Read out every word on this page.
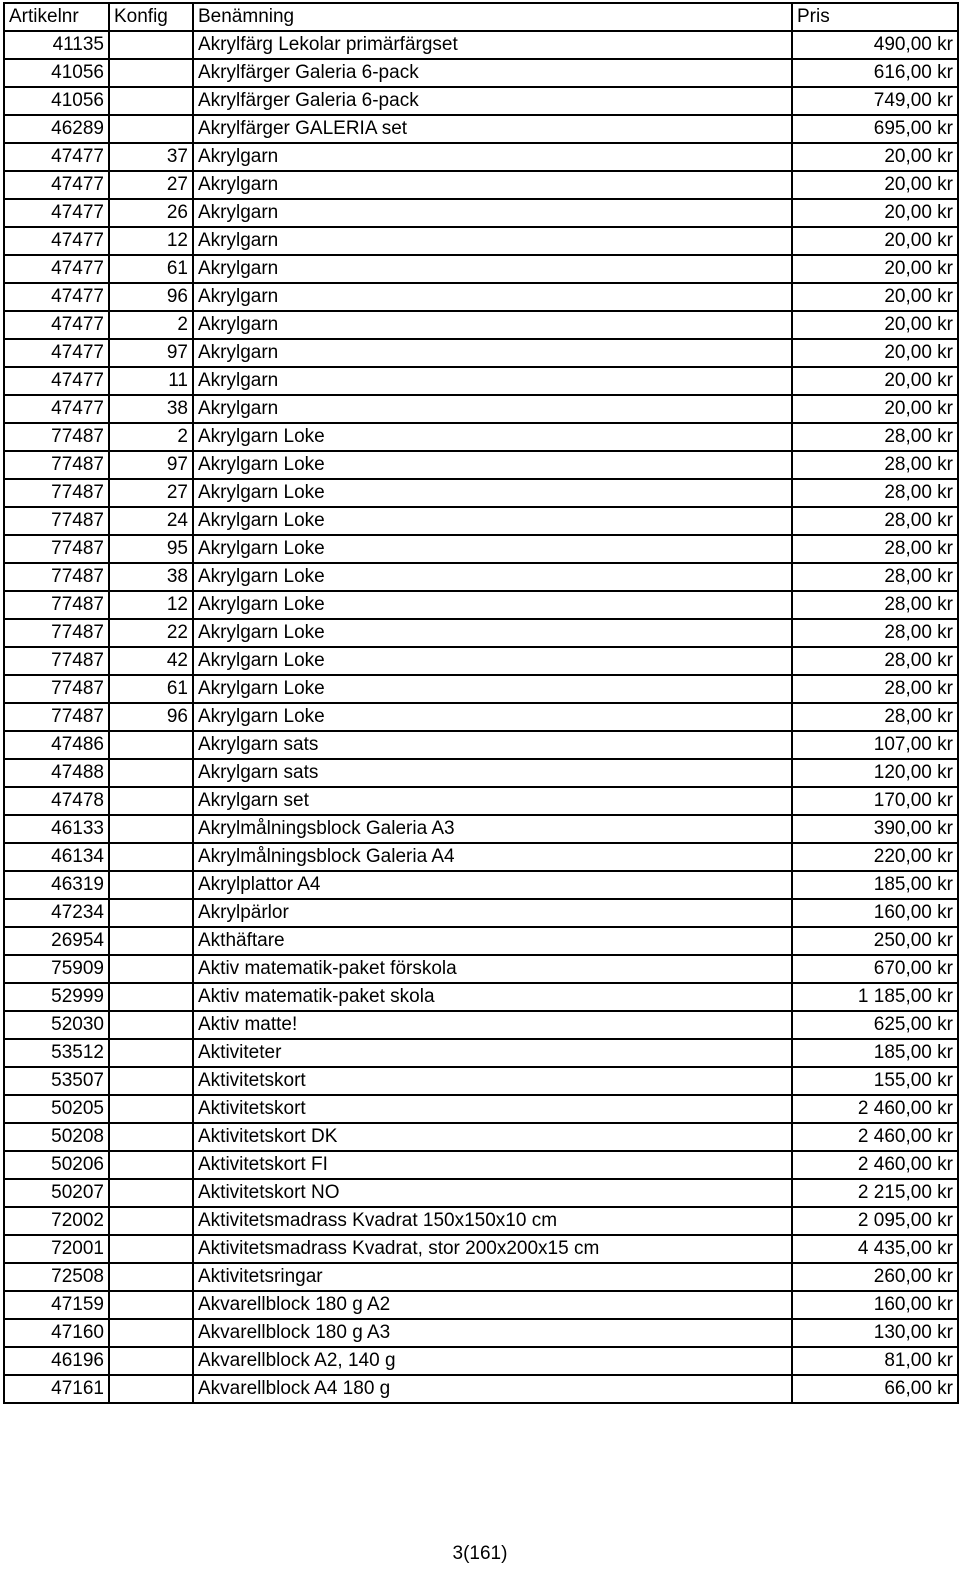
Artikelnr	Konfig	Benämning	Pris
41135		Akrylfärg Lekolar primärfärgset	490,00 kr
41056		Akrylfärger Galeria 6-pack	616,00 kr
41056		Akrylfärger Galeria 6-pack	749,00 kr
46289		Akrylfärger GALERIA set	695,00 kr
47477	37	Akrylgarn	20,00 kr
47477	27	Akrylgarn	20,00 kr
47477	26	Akrylgarn	20,00 kr
47477	12	Akrylgarn	20,00 kr
47477	61	Akrylgarn	20,00 kr
47477	96	Akrylgarn	20,00 kr
47477	2	Akrylgarn	20,00 kr
47477	97	Akrylgarn	20,00 kr
47477	11	Akrylgarn	20,00 kr
47477	38	Akrylgarn	20,00 kr
77487	2	Akrylgarn Loke	28,00 kr
77487	97	Akrylgarn Loke	28,00 kr
77487	27	Akrylgarn Loke	28,00 kr
77487	24	Akrylgarn Loke	28,00 kr
77487	95	Akrylgarn Loke	28,00 kr
77487	38	Akrylgarn Loke	28,00 kr
77487	12	Akrylgarn Loke	28,00 kr
77487	22	Akrylgarn Loke	28,00 kr
77487	42	Akrylgarn Loke	28,00 kr
77487	61	Akrylgarn Loke	28,00 kr
77487	96	Akrylgarn Loke	28,00 kr
47486		Akrylgarn sats	107,00 kr
47488		Akrylgarn sats	120,00 kr
47478		Akrylgarn set	170,00 kr
46133		Akrylmålningsblock Galeria A3	390,00 kr
46134		Akrylmålningsblock Galeria A4	220,00 kr
46319		Akrylplattor A4	185,00 kr
47234		Akrylpärlor	160,00 kr
26954		Akthäftare	250,00 kr
75909		Aktiv matematik-paket förskola	670,00 kr
52999		Aktiv matematik-paket skola	1 185,00 kr
52030		Aktiv matte!	625,00 kr
53512		Aktiviteter	185,00 kr
53507		Aktivitetskort	155,00 kr
50205		Aktivitetskort	2 460,00 kr
50208		Aktivitetskort DK	2 460,00 kr
50206		Aktivitetskort FI	2 460,00 kr
50207		Aktivitetskort NO	2 215,00 kr
72002		Aktivitetsmadrass Kvadrat 150x150x10 cm	2 095,00 kr
72001		Aktivitetsmadrass Kvadrat, stor 200x200x15 cm	4 435,00 kr
72508		Aktivitetsringar	260,00 kr
47159		Akvarellblock 180 g A2	160,00 kr
47160		Akvarellblock 180 g A3	130,00 kr
46196		Akvarellblock A2, 140 g	81,00 kr
47161		Akvarellblock A4 180 g	66,00 kr
3(161)
